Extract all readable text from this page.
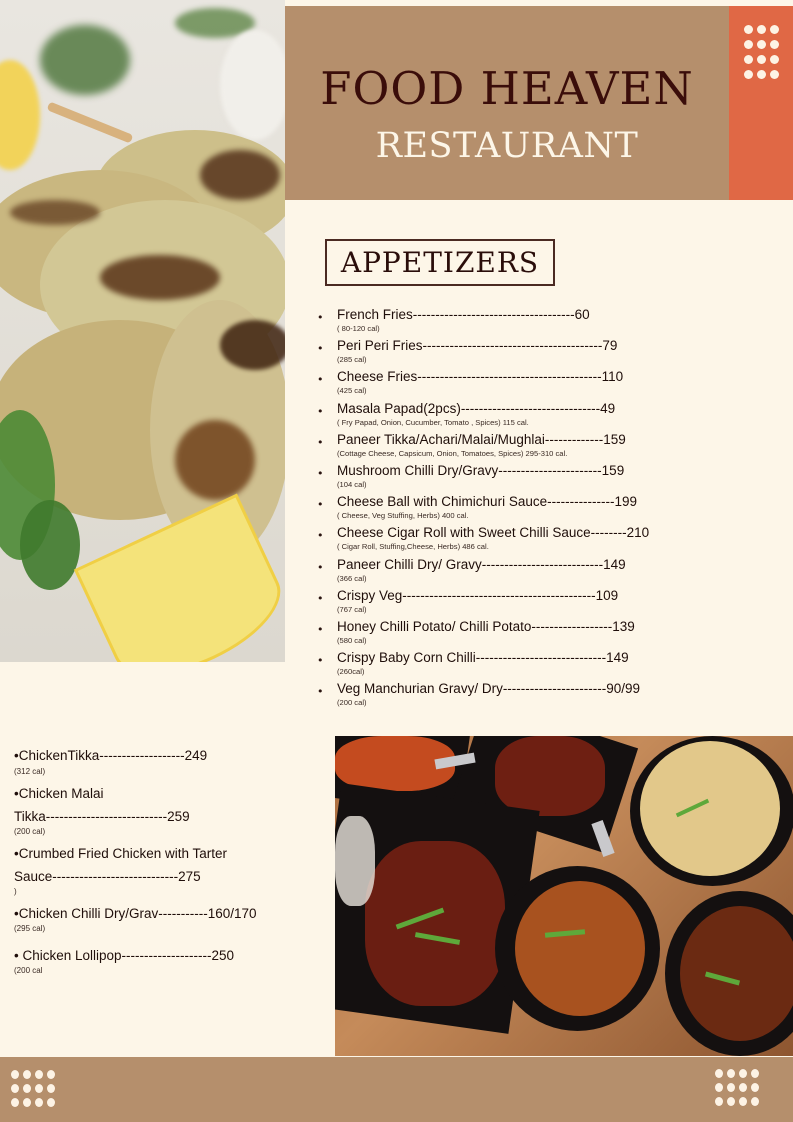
FOOD HEAVEN
RESTAURANT
APPETIZERS
• French Fries------------------------------------60
( 80-120 cal)
• Peri Peri Fries----------------------------------------79
(285 cal)
• Cheese Fries-----------------------------------------110
(425 cal)
• Masala Papad(2pcs)-------------------------------49
( Fry Papad, Onion, Cucumber, Tomato , Spices) 115 cal.
• Paneer Tikka/Achari/Malai/Mughlai-------------159
(Cottage Cheese, Capsicum, Onion, Tomatoes, Spices) 295-310 cal.
• Mushroom Chilli Dry/Gravy-----------------------159
(104 cal)
• Cheese Ball with Chimichuri Sauce---------------199
( Cheese, Veg Stuffing, Herbs) 400 cal.
• Cheese Cigar Roll with Sweet Chilli Sauce--------210
( Cigar Roll, Stuffing,Cheese, Herbs) 486 cal.
• Paneer Chilli Dry/ Gravy---------------------------149
(366 cal)
• Crispy Veg-------------------------------------------109
(767 cal)
• Honey Chilli Potato/ Chilli Potato------------------139
(580 cal)
• Crispy Baby Corn Chilli-----------------------------149
(260cal)
• Veg Manchurian Gravy/ Dry-----------------------90/99
(200 cal)
•ChickenTikka-------------------249
(312 cal)
•Chicken Malai
Tikka---------------------------259
(200 cal)
•Crumbed Fried Chicken with Tarter
Sauce----------------------------275
)
•Chicken Chilli Dry/Grav-----------160/170
(295 cal)
• Chicken Lollipop--------------------250
(200 cal
